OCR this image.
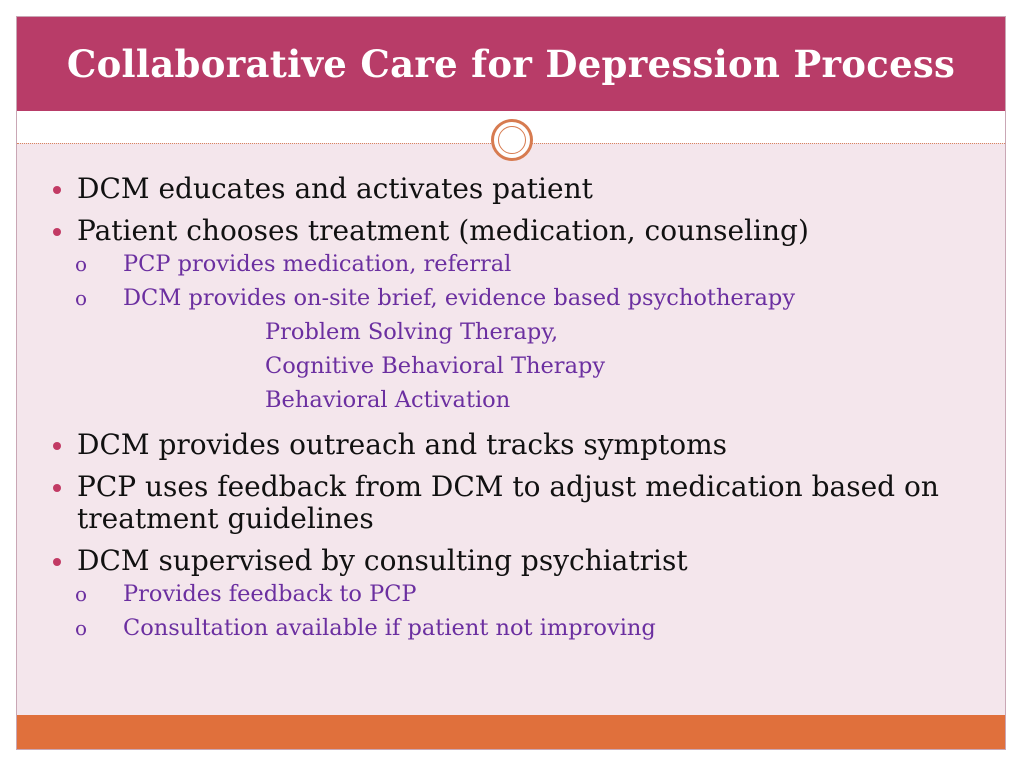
Collaborative Care for Depression Process
DCM educates and activates patient
Patient chooses treatment (medication, counseling)
o	PCP provides medication, referral
o	DCM provides on-site brief, evidence based psychotherapy
Problem Solving Therapy,
Cognitive Behavioral Therapy
Behavioral Activation
DCM provides outreach and tracks symptoms
PCP uses feedback from DCM to adjust medication based on treatment guidelines
DCM supervised by consulting psychiatrist
o	Provides feedback to PCP
o	Consultation available if patient not improving
